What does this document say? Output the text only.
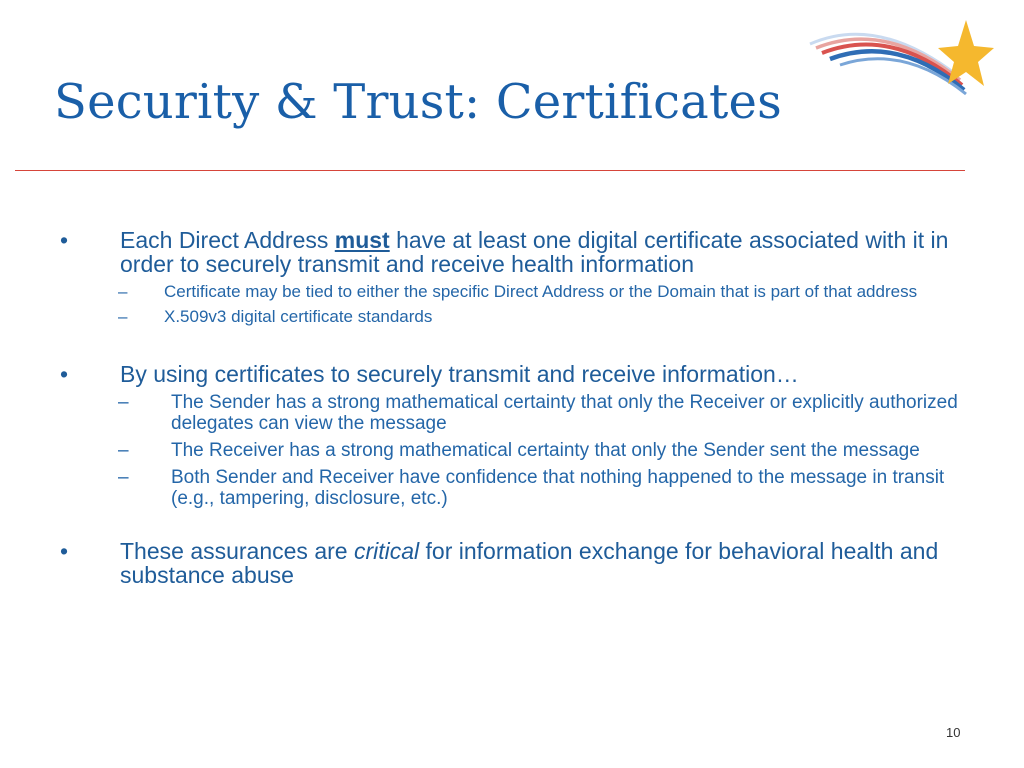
Security & Trust: Certificates
•	Each Direct Address must have at least one digital certificate associated with it in order to securely transmit and receive health information
–	Certificate may be tied to either the specific Direct Address or the Domain that is part of that address
–	X.509v3 digital certificate standards
•	By using certificates to securely transmit and receive information…
–	The Sender has a strong mathematical certainty that only the Receiver or explicitly authorized delegates can view the message
–	The Receiver has a strong mathematical certainty that only the Sender sent the message
–	Both Sender and Receiver have confidence that nothing happened to the message in transit (e.g., tampering, disclosure, etc.)
•	These assurances are critical for information exchange for behavioral health and substance abuse
10
